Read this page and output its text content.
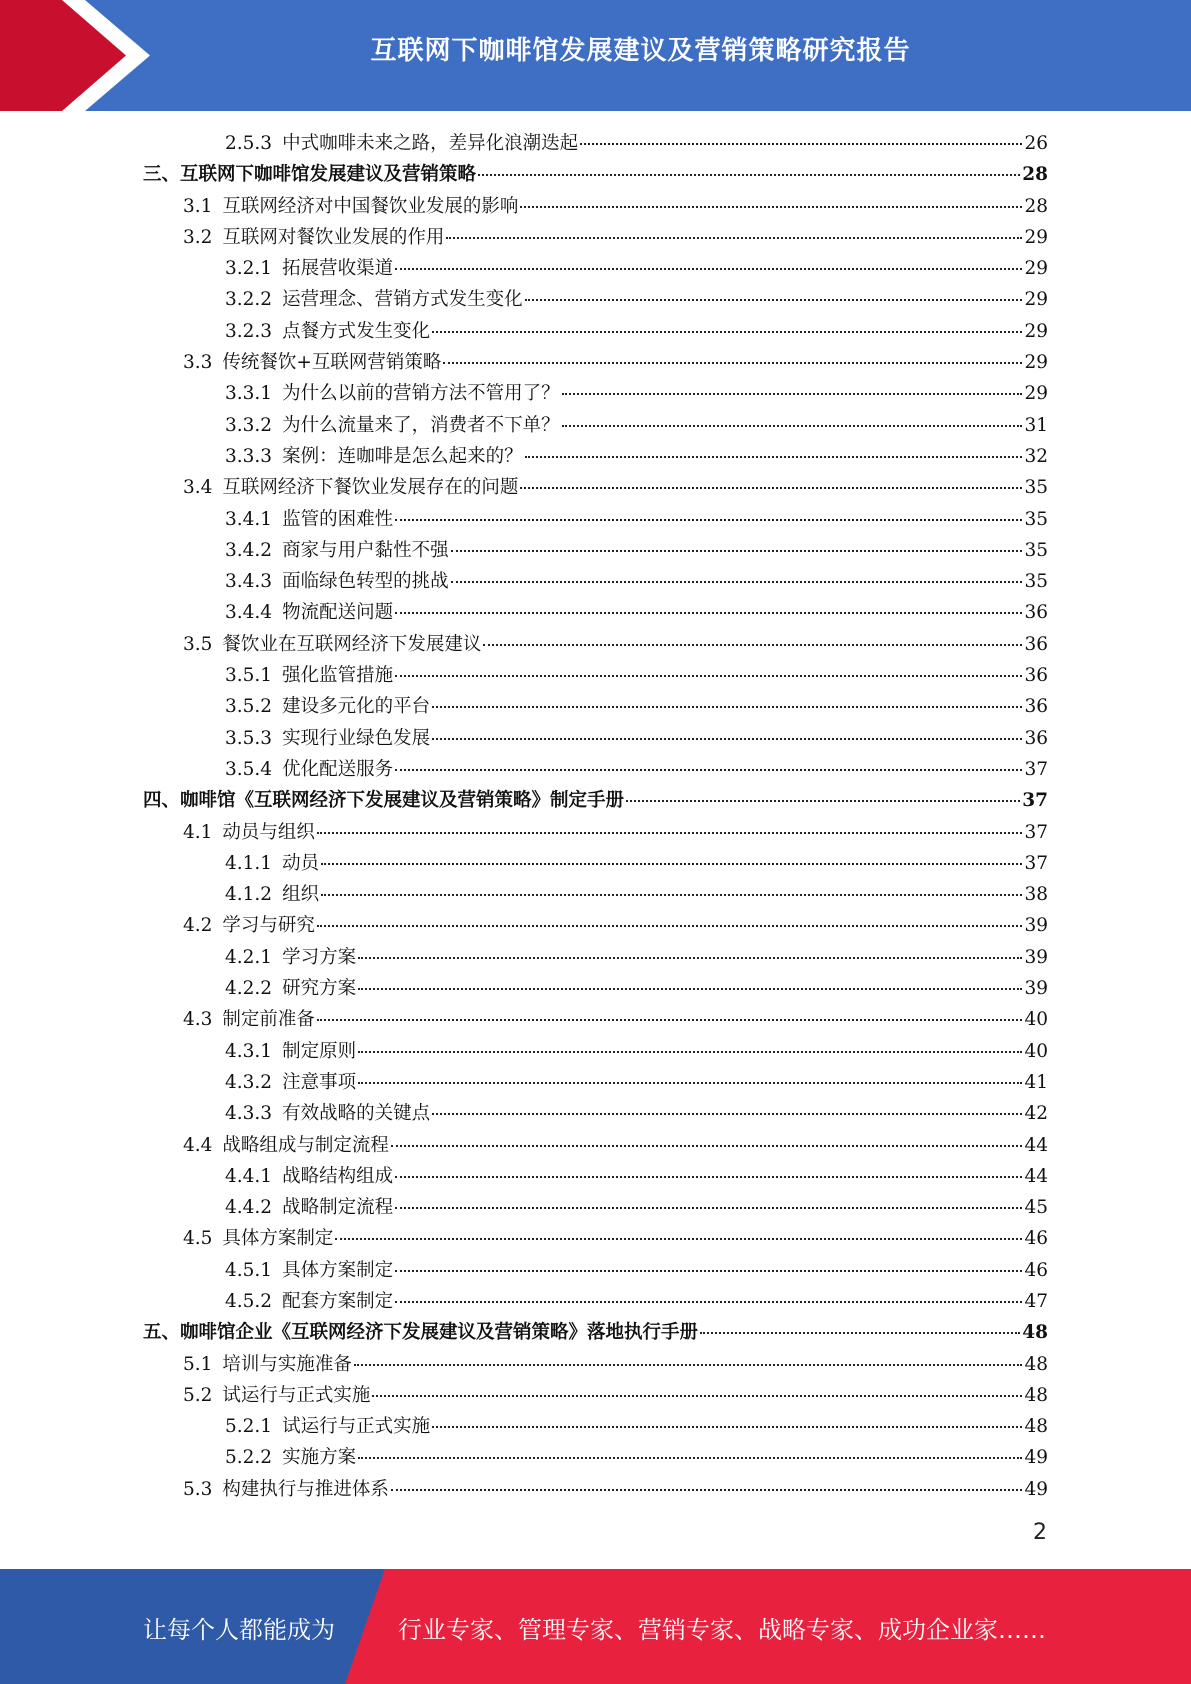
互联网下咖啡馆发展建议及营销策略研究报告
2.5.3 中式咖啡未来之路，差异化浪潮迭起	26
三、互联网下咖啡馆发展建议及营销策略	28
3.1 互联网经济对中国餐饮业发展的影响	28
3.2 互联网对餐饮业发展的作用	29
3.2.1 拓展营收渠道	29
3.2.2 运营理念、营销方式发生变化	29
3.2.3 点餐方式发生变化	29
3.3 传统餐饮+互联网营销策略	29
3.3.1 为什么以前的营销方法不管用了？	29
3.3.2 为什么流量来了，消费者不下单？	31
3.3.3 案例：连咖啡是怎么起来的？	32
3.4 互联网经济下餐饮业发展存在的问题	35
3.4.1 监管的困难性	35
3.4.2 商家与用户黏性不强	35
3.4.3 面临绿色转型的挑战	35
3.4.4 物流配送问题	36
3.5 餐饮业在互联网经济下发展建议	36
3.5.1 强化监管措施	36
3.5.2 建设多元化的平台	36
3.5.3 实现行业绿色发展	36
3.5.4 优化配送服务	37
四、咖啡馆《互联网经济下发展建议及营销策略》制定手册	37
4.1 动员与组织	37
4.1.1 动员	37
4.1.2 组织	38
4.2 学习与研究	39
4.2.1 学习方案	39
4.2.2 研究方案	39
4.3 制定前准备	40
4.3.1 制定原则	40
4.3.2 注意事项	41
4.3.3 有效战略的关键点	42
4.4 战略组成与制定流程	44
4.4.1 战略结构组成	44
4.4.2 战略制定流程	45
4.5 具体方案制定	46
4.5.1 具体方案制定	46
4.5.2 配套方案制定	47
五、咖啡馆企业《互联网经济下发展建议及营销策略》落地执行手册	48
5.1 培训与实施准备	48
5.2 试运行与正式实施	48
5.2.1 试运行与正式实施	48
5.2.2 实施方案	49
5.3 构建执行与推进体系	49
2
让每个人都能成为	行业专家、管理专家、营销专家、战略专家、成功企业家……
